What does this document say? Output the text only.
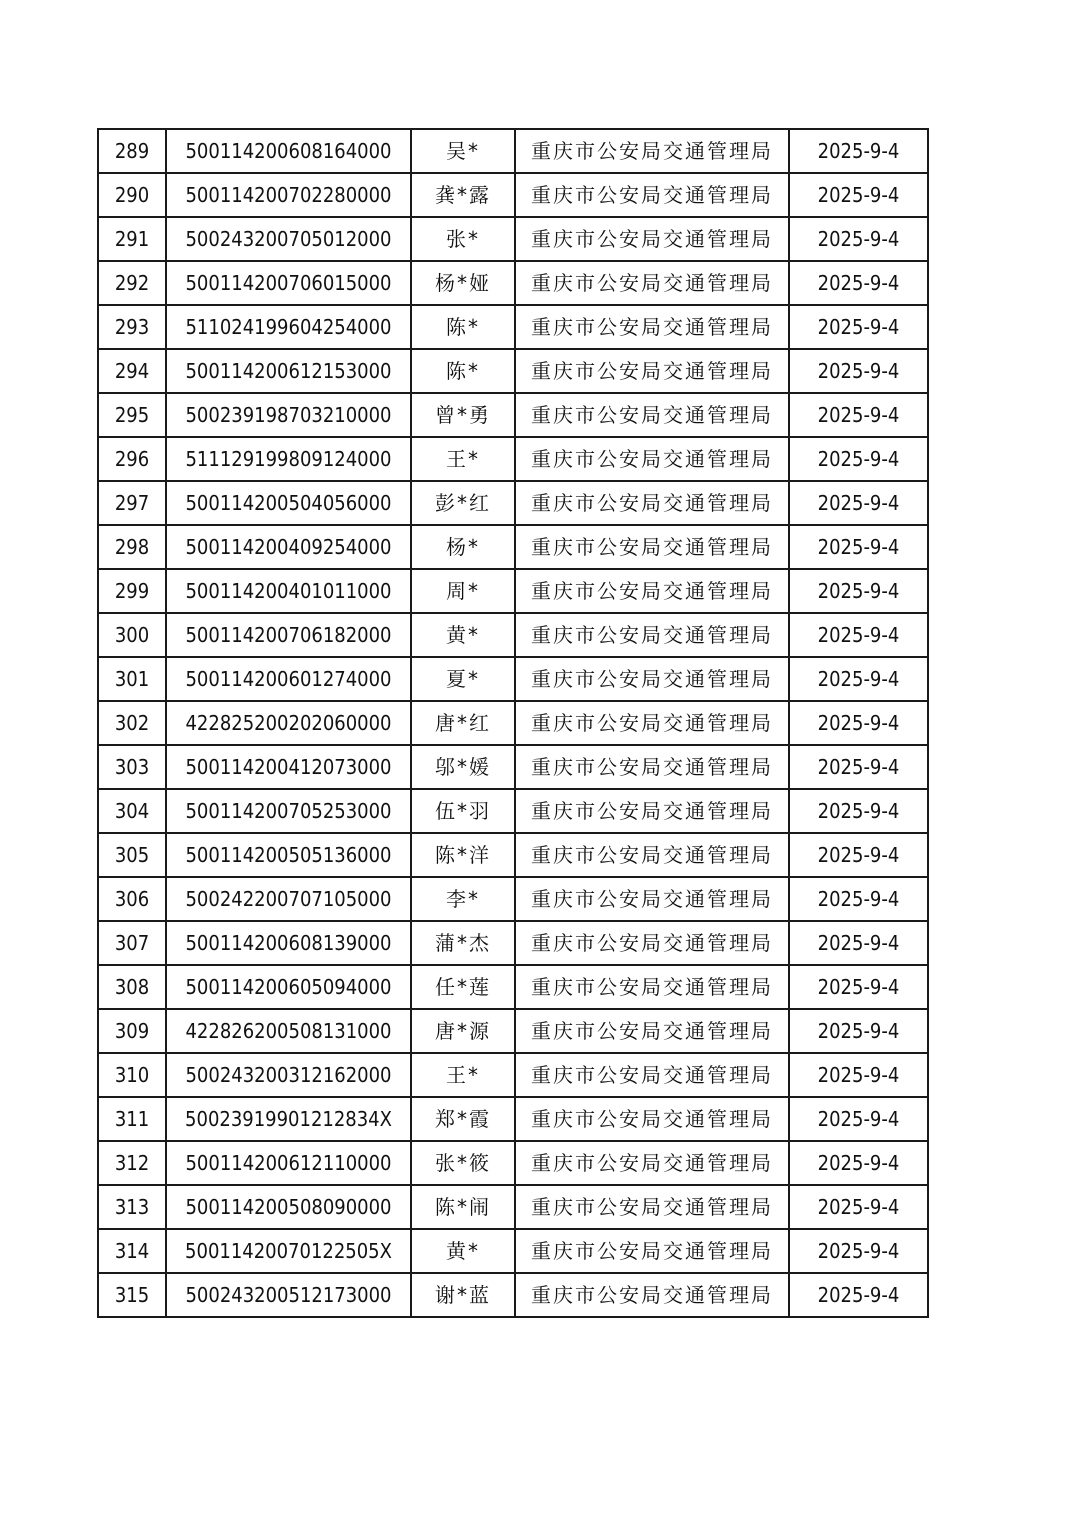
289	500114200608164000	吴*	重庆市公安局交通管理局	2025-9-4
290	500114200702280000	龚*露	重庆市公安局交通管理局	2025-9-4
291	500243200705012000	张*	重庆市公安局交通管理局	2025-9-4
292	500114200706015000	杨*娅	重庆市公安局交通管理局	2025-9-4
293	511024199604254000	陈*	重庆市公安局交通管理局	2025-9-4
294	500114200612153000	陈*	重庆市公安局交通管理局	2025-9-4
295	500239198703210000	曾*勇	重庆市公安局交通管理局	2025-9-4
296	511129199809124000	王*	重庆市公安局交通管理局	2025-9-4
297	500114200504056000	彭*红	重庆市公安局交通管理局	2025-9-4
298	500114200409254000	杨*	重庆市公安局交通管理局	2025-9-4
299	500114200401011000	周*	重庆市公安局交通管理局	2025-9-4
300	500114200706182000	黄*	重庆市公安局交通管理局	2025-9-4
301	500114200601274000	夏*	重庆市公安局交通管理局	2025-9-4
302	422825200202060000	唐*红	重庆市公安局交通管理局	2025-9-4
303	500114200412073000	邬*媛	重庆市公安局交通管理局	2025-9-4
304	500114200705253000	伍*羽	重庆市公安局交通管理局	2025-9-4
305	500114200505136000	陈*洋	重庆市公安局交通管理局	2025-9-4
306	500242200707105000	李*	重庆市公安局交通管理局	2025-9-4
307	500114200608139000	蒲*杰	重庆市公安局交通管理局	2025-9-4
308	500114200605094000	任*莲	重庆市公安局交通管理局	2025-9-4
309	422826200508131000	唐*源	重庆市公安局交通管理局	2025-9-4
310	500243200312162000	王*	重庆市公安局交通管理局	2025-9-4
311	50023919901212834X	郑*霞	重庆市公安局交通管理局	2025-9-4
312	500114200612110000	张*筱	重庆市公安局交通管理局	2025-9-4
313	500114200508090000	陈*闹	重庆市公安局交通管理局	2025-9-4
314	50011420070122505X	黄*	重庆市公安局交通管理局	2025-9-4
315	500243200512173000	谢*蓝	重庆市公安局交通管理局	2025-9-4
